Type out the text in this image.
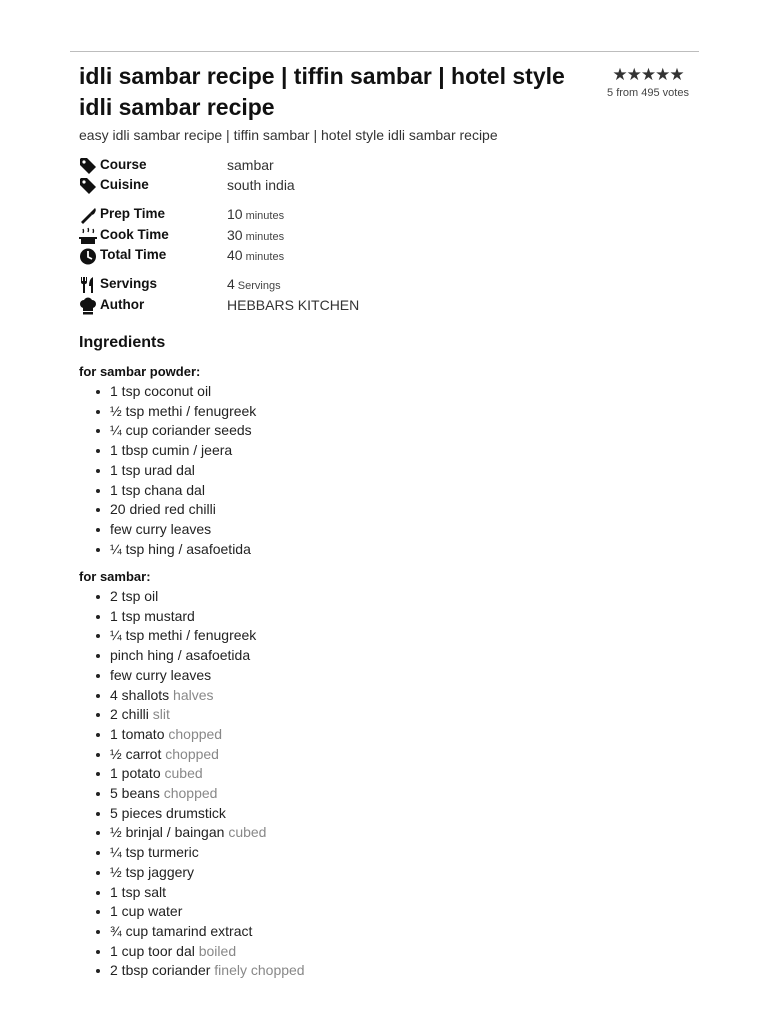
idli sambar recipe | tiffin sambar | hotel style idli sambar recipe
★★★★★
5 from 495 votes
easy idli sambar recipe | tiffin sambar | hotel style idli sambar recipe
Course	sambar
Cuisine	south india
Prep Time	10 minutes
Cook Time	30 minutes
Total Time	40 minutes
Servings	4 Servings
Author	HEBBARS KITCHEN
Ingredients
for sambar powder:
1 tsp coconut oil
½ tsp methi / fenugreek
¼ cup coriander seeds
1 tbsp cumin / jeera
1 tsp urad dal
1 tsp chana dal
20 dried red chilli
few curry leaves
¼ tsp hing / asafoetida
for sambar:
2 tsp oil
1 tsp mustard
¼ tsp methi / fenugreek
pinch hing / asafoetida
few curry leaves
4 shallots halves
2 chilli slit
1 tomato chopped
½ carrot chopped
1 potato cubed
5 beans chopped
5 pieces drumstick
½ brinjal / baingan cubed
¼ tsp turmeric
½ tsp jaggery
1 tsp salt
1 cup water
¾ cup tamarind extract
1 cup toor dal boiled
2 tbsp coriander finely chopped
